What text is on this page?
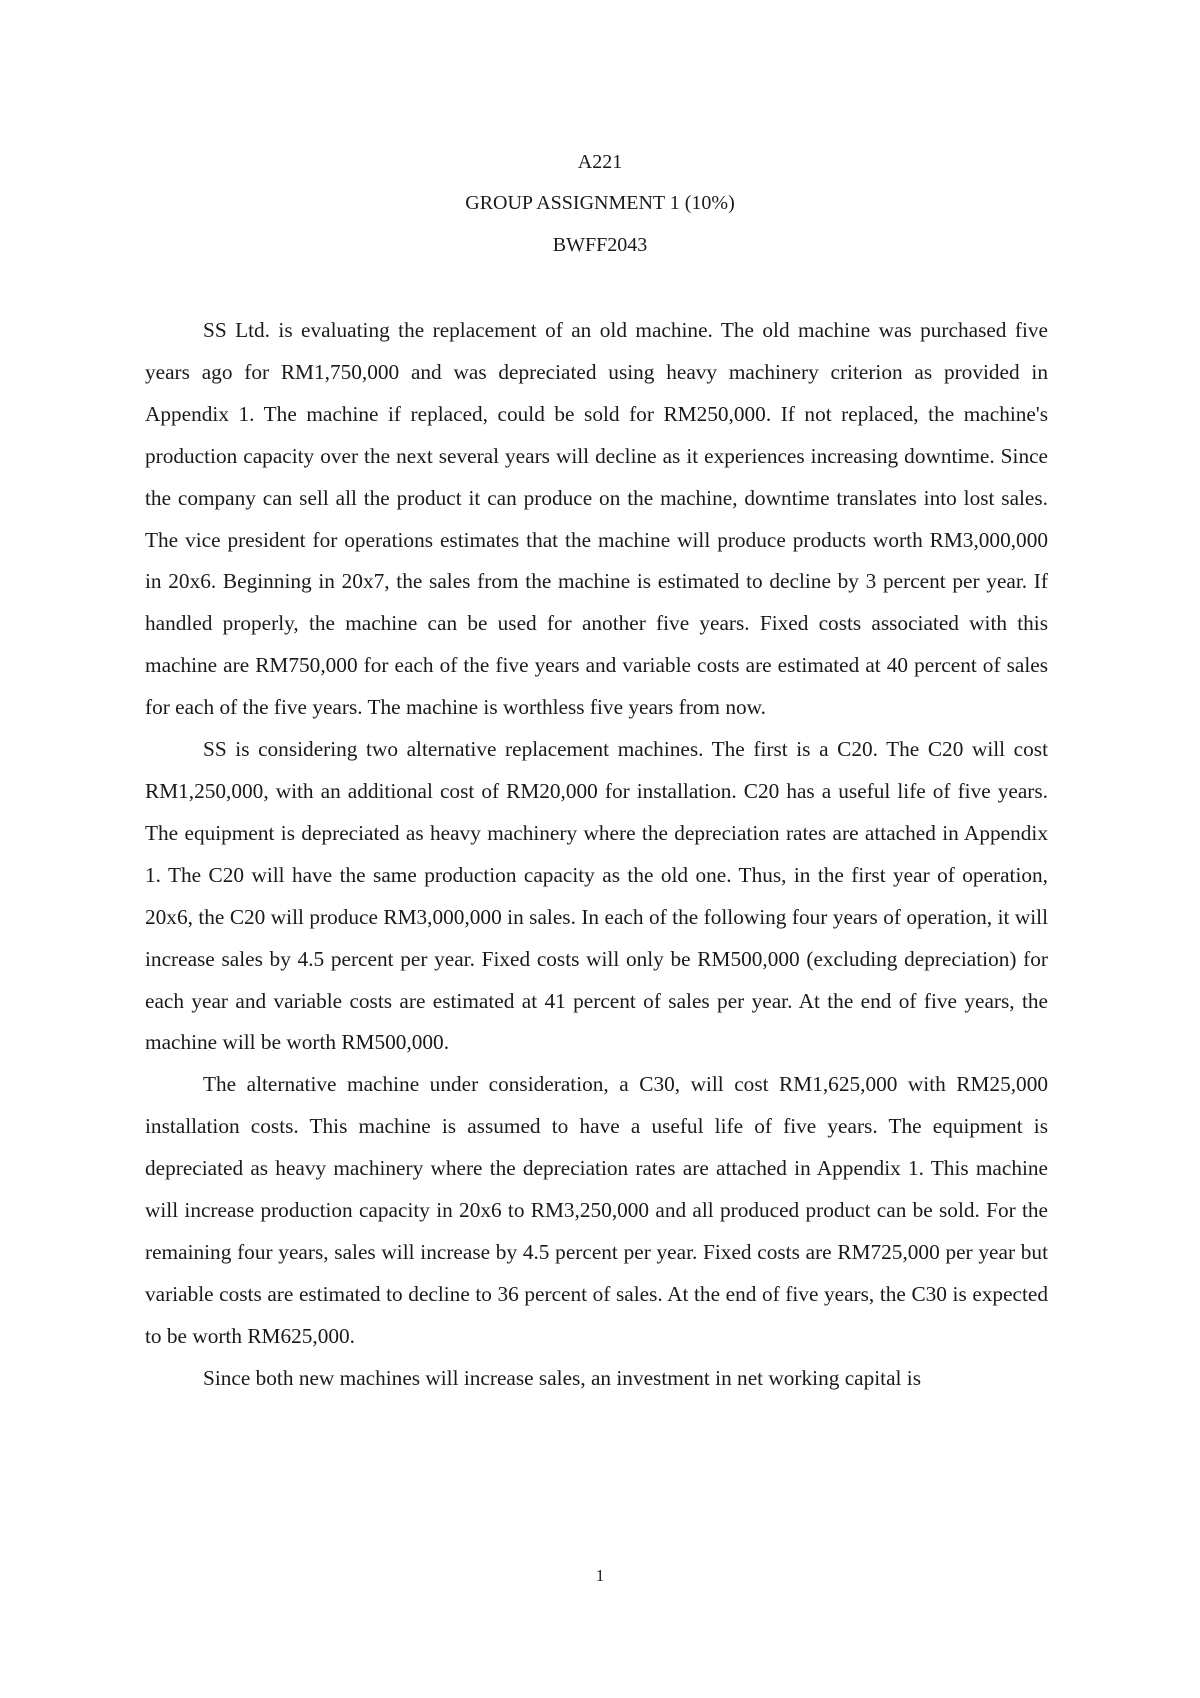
A221
GROUP ASSIGNMENT 1 (10%)
BWFF2043

SS Ltd. is evaluating the replacement of an old machine. The old machine was purchased five years ago for RM1,750,000 and was depreciated using heavy machinery criterion as provided in Appendix 1. The machine if replaced, could be sold for RM250,000. If not replaced, the machine's production capacity over the next several years will decline as it experiences increasing downtime. Since the company can sell all the product it can produce on the machine, downtime translates into lost sales. The vice president for operations estimates that the machine will produce products worth RM3,000,000 in 20x6. Beginning in 20x7, the sales from the machine is estimated to decline by 3 percent per year. If handled properly, the machine can be used for another five years. Fixed costs associated with this machine are RM750,000 for each of the five years and variable costs are estimated at 40 percent of sales for each of the five years. The machine is worthless five years from now.

SS is considering two alternative replacement machines. The first is a C20. The C20 will cost RM1,250,000, with an additional cost of RM20,000 for installation. C20 has a useful life of five years. The equipment is depreciated as heavy machinery where the depreciation rates are attached in Appendix 1. The C20 will have the same production capacity as the old one. Thus, in the first year of operation, 20x6, the C20 will produce RM3,000,000 in sales. In each of the following four years of operation, it will increase sales by 4.5 percent per year. Fixed costs will only be RM500,000 (excluding depreciation) for each year and variable costs are estimated at 41 percent of sales per year. At the end of five years, the machine will be worth RM500,000.

The alternative machine under consideration, a C30, will cost RM1,625,000 with RM25,000 installation costs. This machine is assumed to have a useful life of five years. The equipment is depreciated as heavy machinery where the depreciation rates are attached in Appendix 1. This machine will increase production capacity in 20x6 to RM3,250,000 and all produced product can be sold. For the remaining four years, sales will increase by 4.5 percent per year. Fixed costs are RM725,000 per year but variable costs are estimated to decline to 36 percent of sales. At the end of five years, the C30 is expected to be worth RM625,000.

Since both new machines will increase sales, an investment in net working capital is

1
